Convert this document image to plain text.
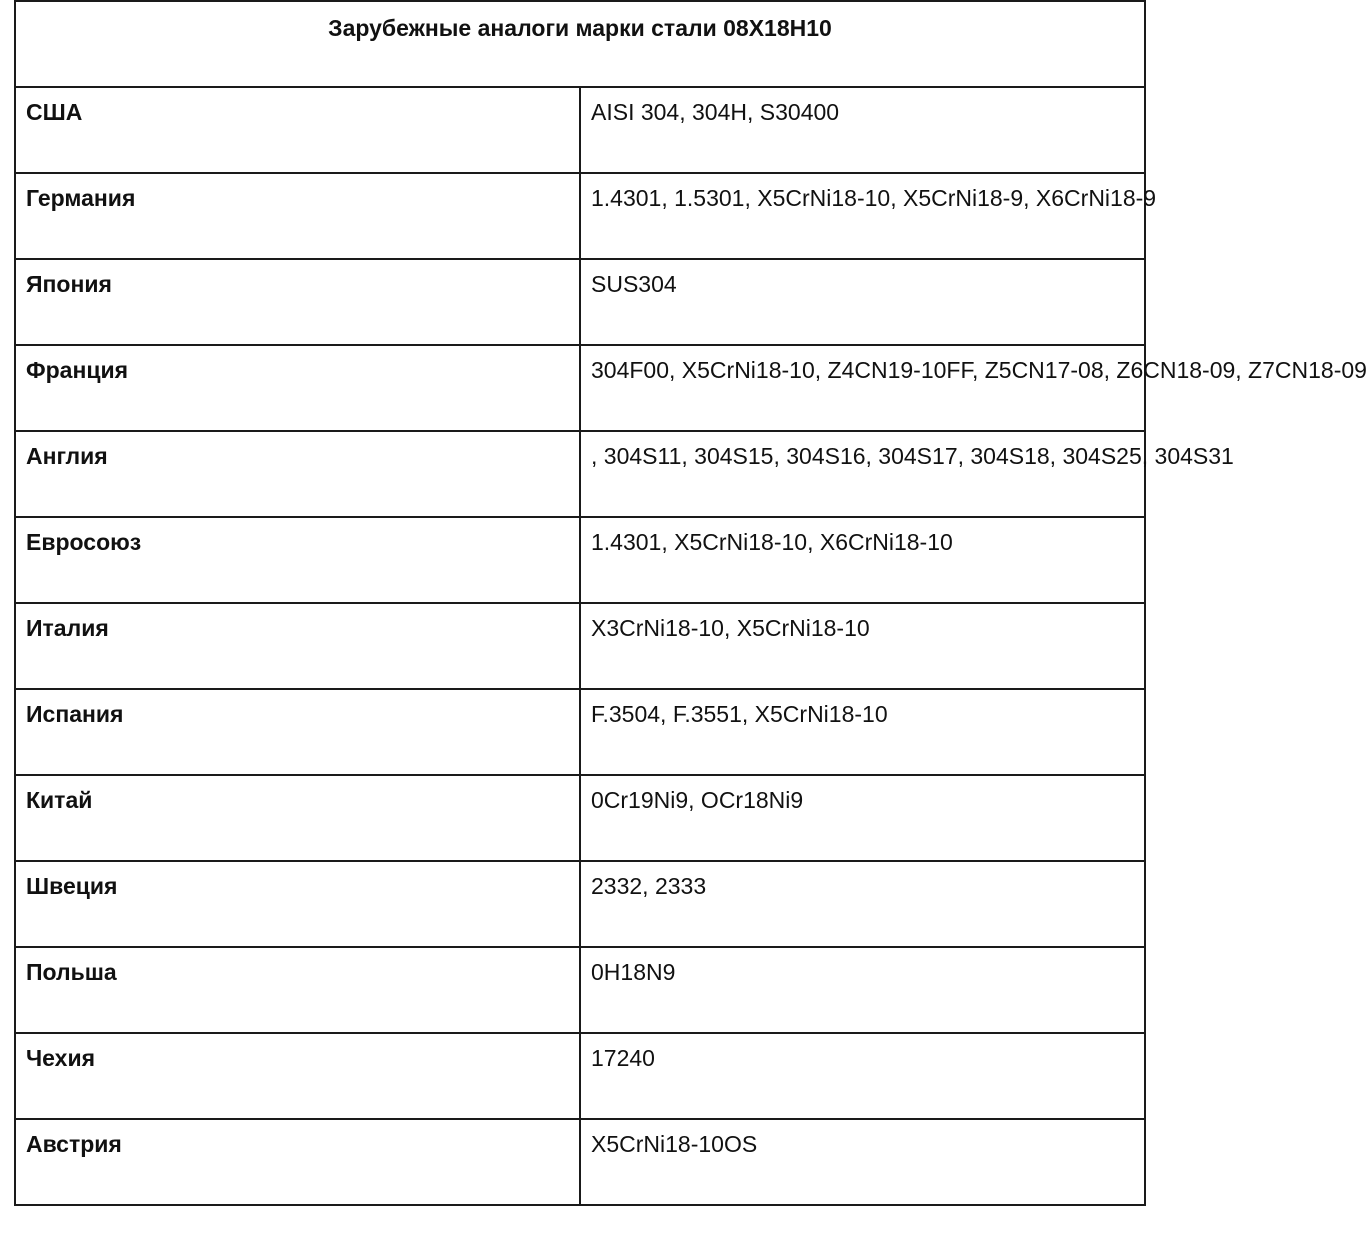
Зарубежные аналоги марки стали 08Х18Н10	

США	AISI 304, 304H, S30400

Германия	1.4301, 1.5301, X5CrNi18-10, X5CrNi18-9, X6CrNi18-9

Япония	SUS304

Франция	304F00, X5CrNi18-10, Z4CN19-10FF, Z5CN17-08, Z6CN18-09, Z7CN18-09

Англия	, 304S11, 304S15, 304S16, 304S17, 304S18, 304S25, 304S31

Евросоюз	1.4301, X5CrNi18-10, X6CrNi18-10

Италия	X3CrNi18-10, X5CrNi18-10

Испания	F.3504, F.3551, X5CrNi18-10

Китай	0Cr19Ni9, OCr18Ni9

Швеция	2332, 2333

Польша	0H18N9

Чехия	17240

Австрия	X5CrNi18-10OS
